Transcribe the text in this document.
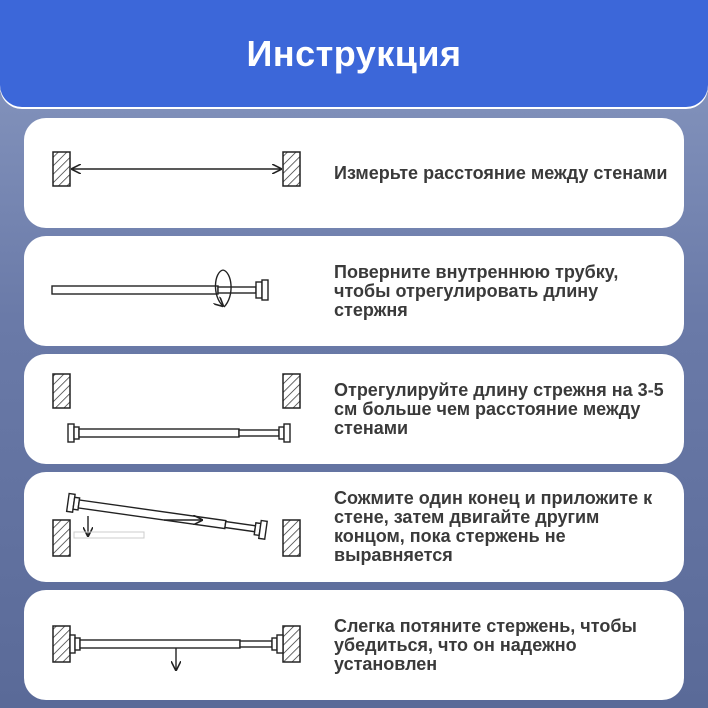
Инструкция

Измерьте расстояние между стенами

Поверните внутреннюю трубку, чтобы отрегулировать длину стержня

Отрегулируйте длину стрежня на 3-5 см больше чем расстояние между стенами

Сожмите один конец и приложите к стене, затем двигайте другим концом, пока стержень не выравняется

Слегка потяните стержень, чтобы убедиться, что он надежно установлен
